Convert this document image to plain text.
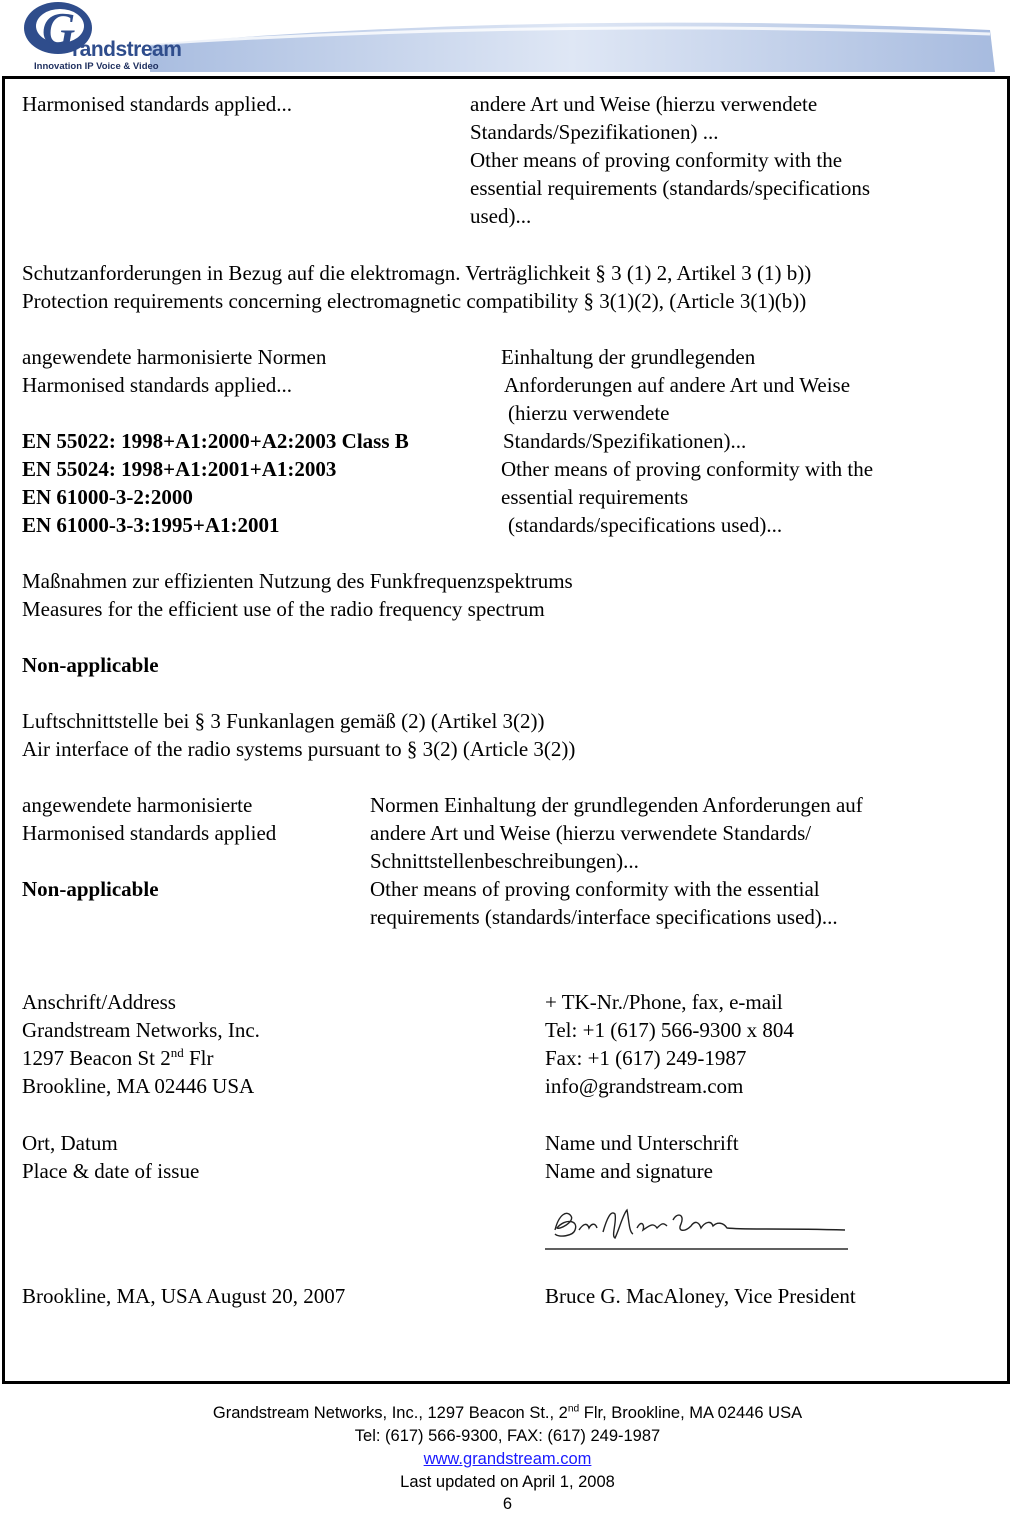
G
randstream
Innovation IP Voice & Video
Harmonised standards applied...	andere Art und Weise (hierzu verwendete
Standards/Spezifikationen) ...
Other means of proving conformity with the
essential requirements (standards/specifications
used)...
Schutzanforderungen in Bezug auf die elektromagn. Verträglichkeit § 3 (1) 2, Artikel 3 (1) b))
Protection requirements concerning electromagnetic compatibility § 3(1)(2), (Article 3(1)(b))
angewendete harmonisierte Normen
Harmonised standards applied...
EN 55022: 1998+A1:2000+A2:2003 Class B
EN 55024: 1998+A1:2001+A1:2003
EN 61000-3-2:2000
EN 61000-3-3:1995+A1:2001
Einhaltung der grundlegenden
Anforderungen auf andere Art und Weise
(hierzu verwendete
Standards/Spezifikationen)...
Other means of proving conformity with the
essential requirements
(standards/specifications used)...
Maßnahmen zur effizienten Nutzung des Funkfrequenzspektrums
Measures for the efficient use of the radio frequency spectrum
Non-applicable
Luftschnittstelle bei § 3 Funkanlagen gemäß (2) (Artikel 3(2))
Air interface of the radio systems pursuant to § 3(2) (Article 3(2))
angewendete harmonisierte
Harmonised standards applied
Non-applicable
Normen Einhaltung der grundlegenden Anforderungen auf
andere Art und Weise (hierzu verwendete Standards/
Schnittstellenbeschreibungen)...
Other means of proving conformity with the essential
requirements (standards/interface specifications used)...
Anschrift/Address
Grandstream Networks, Inc.
1297 Beacon St 2nd Flr
Brookline, MA 02446 USA
+ TK-Nr./Phone, fax, e-mail
Tel: +1 (617) 566-9300 x 804
Fax: +1 (617) 249-1987
info@grandstream.com
Ort, Datum
Place & date of issue
Name und Unterschrift
Name and signature
Brookline, MA, USA August 20, 2007	Bruce G. MacAloney, Vice President
Grandstream Networks, Inc., 1297 Beacon St., 2nd Flr, Brookline, MA 02446 USA
Tel: (617) 566-9300, FAX: (617) 249-1987
www.grandstream.com
Last updated on April 1, 2008
6
